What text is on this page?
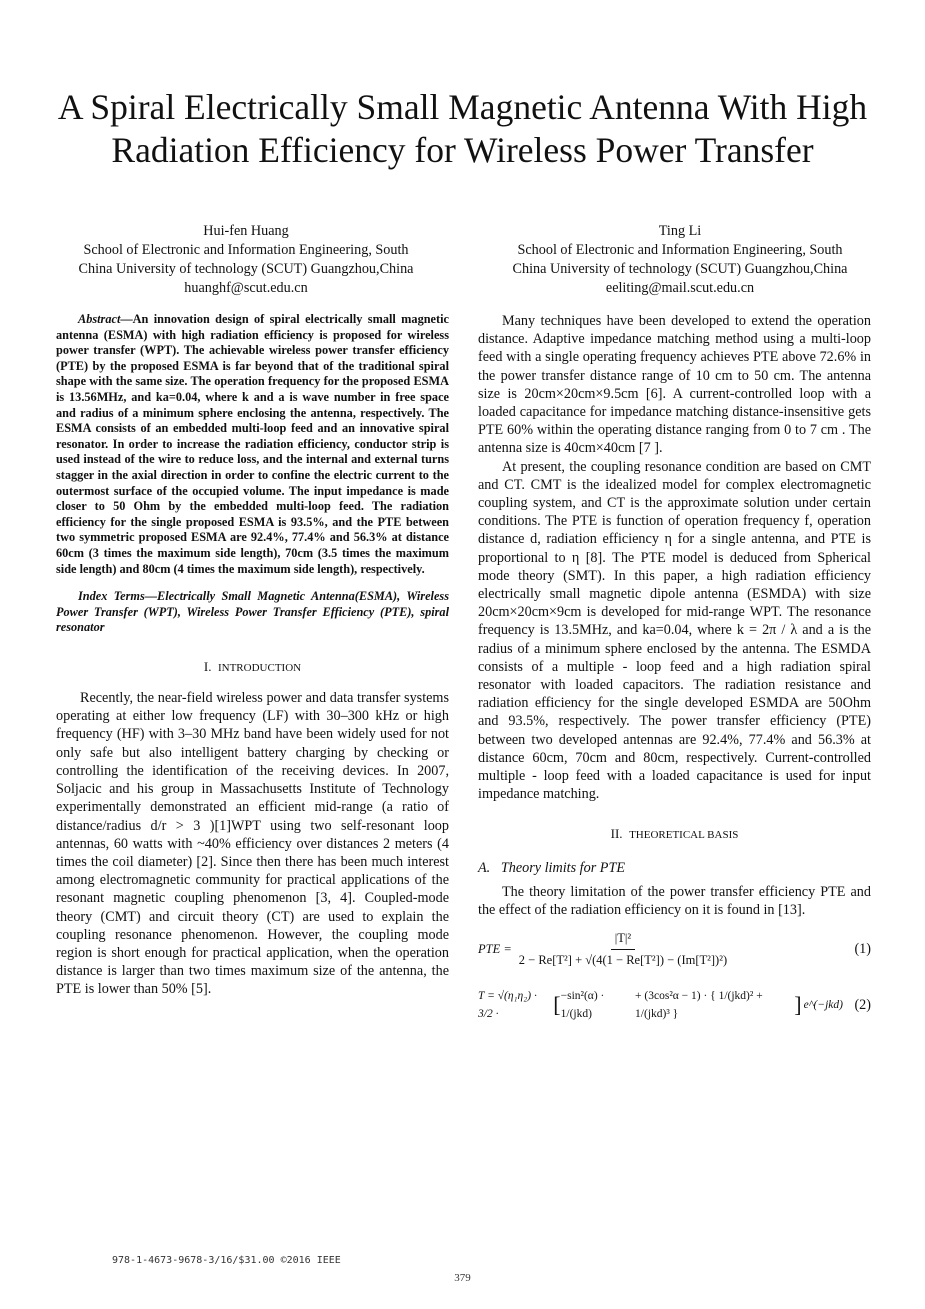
A Spiral Electrically Small Magnetic Antenna With High Radiation Efficiency for Wireless Power Transfer
Hui-fen Huang
School of Electronic and Information Engineering, South
China University of technology (SCUT) Guangzhou,China
huanghf@scut.edu.cn
Ting Li
School of Electronic and Information Engineering, South
China University of technology (SCUT) Guangzhou,China
eeliting@mail.scut.edu.cn

Abstract—An innovation design of spiral electrically small magnetic antenna (ESMA) with high radiation efficiency is proposed for wireless power transfer (WPT). The achievable wireless power transfer efficiency (PTE) by the proposed ESMA is far beyond that of the traditional spiral shape with the same size. The operation frequency for the proposed ESMA is 13.56MHz, and ka=0.04, where k and a is wave number in free space and radius of a minimum sphere enclosing the antenna, respectively. The ESMA consists of an embedded multi-loop feed and an innovative spiral resonator. In order to increase the radiation efficiency, conductor strip is used instead of the wire to reduce loss, and the internal and external turns stagger in the axial direction in order to confine the electric current to the outermost surface of the occupied volume. The input impedance is made closer to 50 Ohm by the embedded multi-loop feed. The radiation efficiency for the single proposed ESMA is 93.5%, and the PTE between two symmetric proposed ESMA are 92.4%, 77.4% and 56.3% at distance 60cm (3 times the maximum side length), 70cm (3.5 times the maximum side length) and 80cm (4 times the maximum side length), respectively.

Index Terms—Electrically Small Magnetic Antenna(ESMA), Wireless Power Transfer (WPT), Wireless Power Transfer Efficiency (PTE), spiral resonator

I. INTRODUCTION

Recently, the near-field wireless power and data transfer systems operating at either low frequency (LF) with 30–300 kHz or high frequency (HF) with 3–30 MHz band have been widely used for not only safe but also intelligent battery charging by checking or controlling the identification of the receiving devices. In 2007, Soljacic and his group in Massachusetts Institute of Technology experimentally demonstrated an efficient mid-range (a ratio of distance/radius d/r > 3 )[1]WPT using two self-resonant loop antennas, 60 watts with ~40% efficiency over distances 2 meters (4 times the coil diameter) [2]. Since then there has been much interest among electromagnetic community for practical applications of the resonant magnetic coupling phenomenon [3, 4]. Coupled-mode theory (CMT) and circuit theory (CT) are used to explain the coupling resonance phenomenon. However, the coupling mode region is short enough for practical application, when the operation distance is larger than two times maximum size of the antenna, the PTE is lower than 50% [5].

Many techniques have been developed to extend the operation distance. Adaptive impedance matching method using a multi-loop feed with a single operating frequency achieves PTE above 72.6% in the power transfer distance range of 10 cm to 50 cm. The antenna size is 20cm×20cm×9.5cm [6]. A current-controlled loop with a loaded capacitance for impedance matching distance-insensitive gets PTE 60% within the operating distance ranging from 0 to 7 cm . The antenna size is 40cm×40cm [7 ].

At present, the coupling resonance condition are based on CMT and CT. CMT is the idealized model for complex electromagnetic coupling system, and CT is the approximate solution under certain conditions. The PTE is function of operation frequency f, operation distance d, radiation efficiency η for a single antenna, and PTE is proportional to η [8]. The PTE model is deduced from Spherical mode theory (SMT). In this paper, a high radiation efficiency electrically small magnetic dipole antenna (ESMDA) with size 20cm×20cm×9cm is developed for mid-range WPT. The resonance frequency is 13.5MHz, and ka=0.04, where k = 2π / λ and a is the radius of a minimum sphere enclosed by the antenna. The ESMDA consists of a multiple - loop feed and a high radiation spiral resonator with loaded capacitors. The radiation resistance and radiation efficiency for the single developed ESMDA are 50Ohm and 93.5%, respectively. The power transfer efficiency (PTE) between two developed antennas are 92.4%, 77.4% and 56.3% at distance 60cm, 70cm and 80cm, respectively. Current-controlled multiple - loop feed with a loaded capacitance is used for input impedance matching.

II. THEORETICAL BASIS
A. Theory limits for PTE

The theory limitation of the power transfer efficiency PTE and the effect of the radiation efficiency on it is found in [13].

PTE = $\frac{\text{|T|²}}{\text{2 − Re[T²] + √(4(1 − Re[T²]) − (Im[T²])²)}}$	(1)
T = √(η₁η₂) · 3/2 ·	[ −sin²(α) · 1/(jkd)
+ (3cos²α − 1) · { 1/(jkd)² + 1/(jkd)³ }	] e^(−jkd) (2)
978-1-4673-9678-3/16/$31.00 ©2016 IEEE
379
